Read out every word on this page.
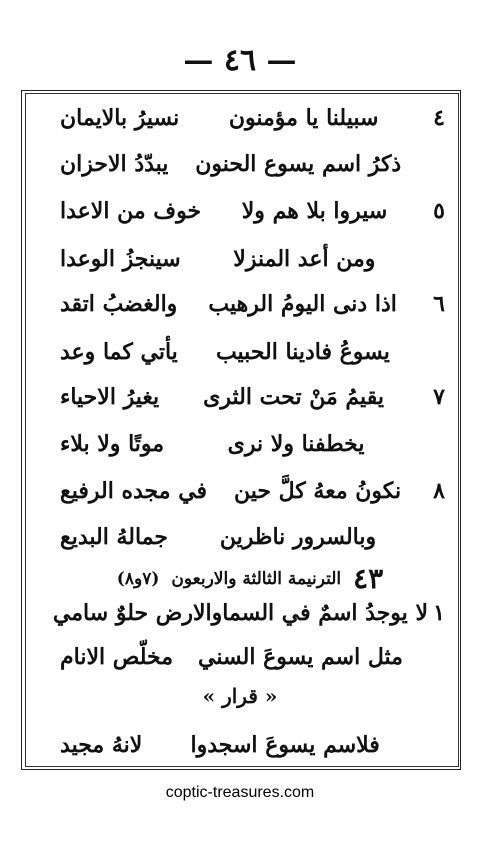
— ٤٦ —
٤
سبيلنا يا مؤمنون
نسيرُ بالايمان
ذكرُ اسم يسوع الحنون
يبدّدُ الاحزان
٥
سيروا بلا هم ولا
خوف من الاعدا
ومن أعد المنزلا
سينجزُ الوعدا
٦
اذا دنى اليومُ الرهيب
والغضبُ اتقد
يسوعُ فادينا الحبيب
يأتي كما وعد
٧
يقيمُ مَنْ تحت الثرى
يغيرُ الاحياء
يخطفنا ولا نرى
موتًا ولا بلاء
٨
نكونُ معهُ كلَّ حين
في مجده الرفيع
وبالسرور ناظرين
جمالهُ البديع
٤٣
الترنيمة الثالثة والاربعون
(٧و٨)
١
لا يوجدُ اسمٌ في السما
والارض حلوٌ سامي
مثل اسم يسوعَ السني
مخلّص الانام
« قرار »
فلاسم يسوعَ اسجدوا
لانهُ مجيد
coptic-treasures.com
